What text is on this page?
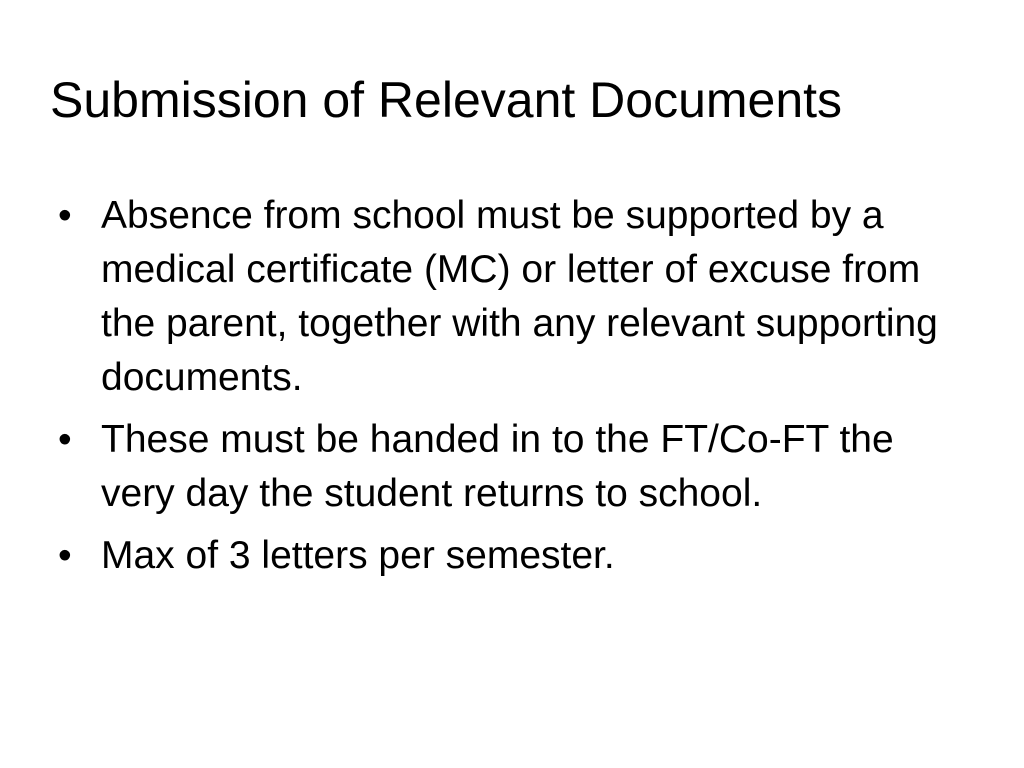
Submission of Relevant Documents
• Absence from school must be supported by a medical certificate (MC) or letter of excuse from the parent, together with any relevant supporting documents.
• These must be handed in to the FT/Co-FT the very day the student returns to school.
• Max of 3 letters per semester.
